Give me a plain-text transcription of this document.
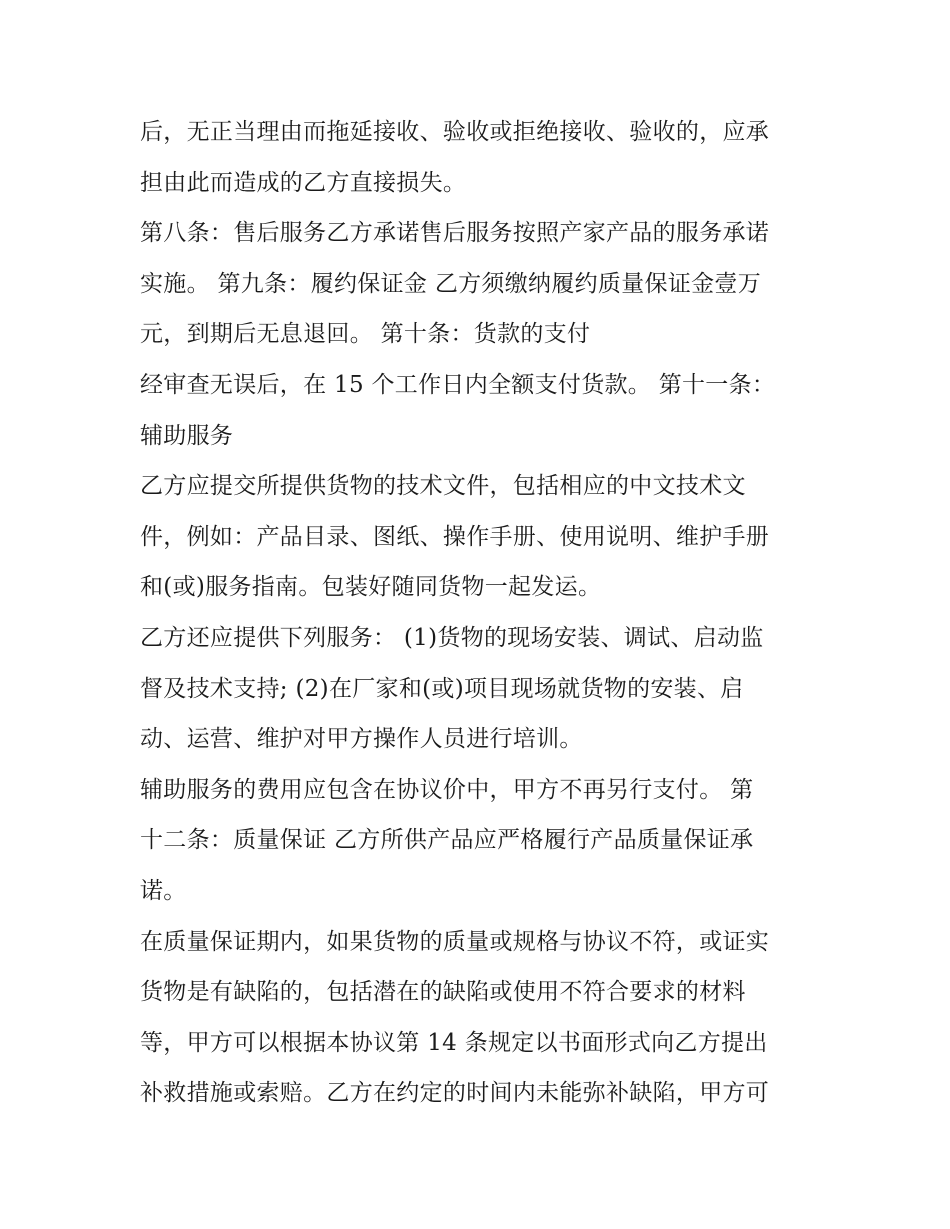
后，无正当理由而拖延接收、验收或拒绝接收、验收的，应承
担由此而造成的乙方直接损失。
第八条：售后服务乙方承诺售后服务按照产家产品的服务承诺
实施。 第九条：履约保证金 乙方须缴纳履约质量保证金壹万
元，到期后无息退回。 第十条：货款的支付
经审查无误后，在 15 个工作日内全额支付货款。 第十一条：
辅助服务
乙方应提交所提供货物的技术文件，包括相应的中文技术文
件，例如：产品目录、图纸、操作手册、使用说明、维护手册
和(或)服务指南。包装好随同货物一起发运。
乙方还应提供下列服务： (1)货物的现场安装、调试、启动监
督及技术支持; (2)在厂家和(或)项目现场就货物的安装、启
动、运营、维护对甲方操作人员进行培训。
辅助服务的费用应包含在协议价中，甲方不再另行支付。 第
十二条：质量保证 乙方所供产品应严格履行产品质量保证承
诺。
在质量保证期内，如果货物的质量或规格与协议不符，或证实
货物是有缺陷的，包括潜在的缺陷或使用不符合要求的材料
等，甲方可以根据本协议第 14 条规定以书面形式向乙方提出
补救措施或索赔。乙方在约定的时间内未能弥补缺陷，甲方可
